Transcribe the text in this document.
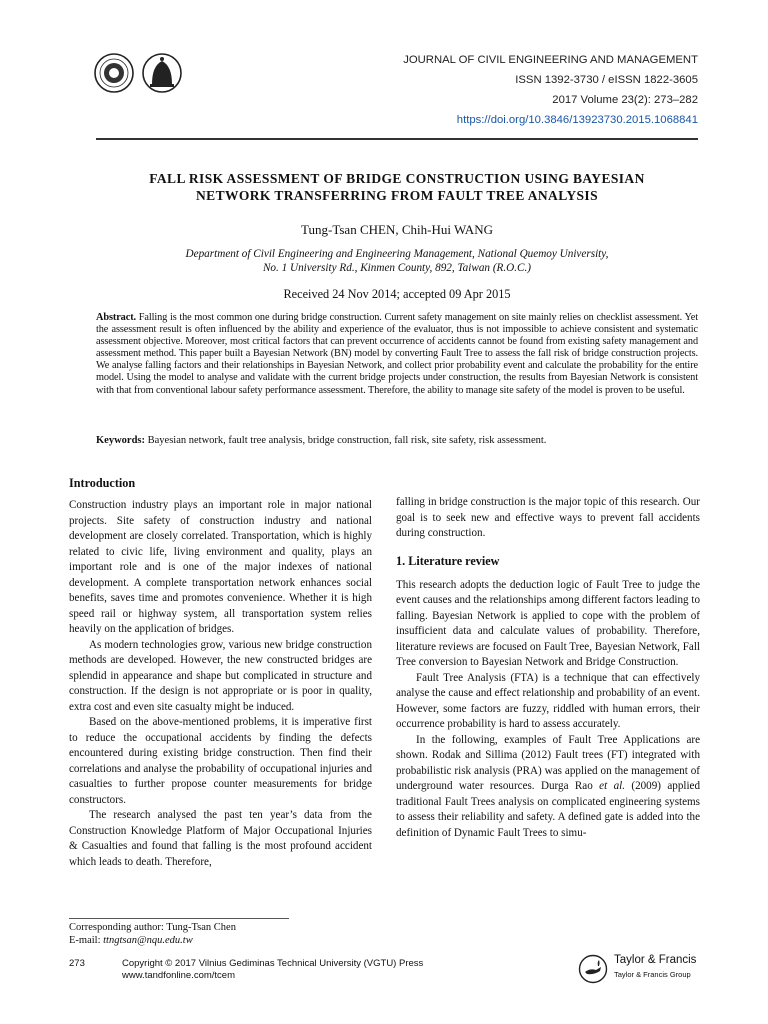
JOURNAL OF CIVIL ENGINEERING AND MANAGEMENT
ISSN 1392-3730 / eISSN 1822-3605
2017 Volume 23(2): 273–282
https://doi.org/10.3846/13923730.2015.1068841
FALL RISK ASSESSMENT OF BRIDGE CONSTRUCTION USING BAYESIAN
NETWORK TRANSFERRING FROM FAULT TREE ANALYSIS
Tung-Tsan CHEN, Chih-Hui WANG
Department of Civil Engineering and Engineering Management, National Quemoy University,
No. 1 University Rd., Kinmen County, 892, Taiwan (R.O.C.)
Received 24 Nov 2014; accepted 09 Apr 2015
Abstract. Falling is the most common one during bridge construction. Current safety management on site mainly relies on checklist assessment. Yet the assessment result is often influenced by the ability and experience of the evaluator, thus is not impossible to achieve consistent and systematic assessment objective. Moreover, most critical factors that can prevent occurrence of accidents cannot be found from existing safety management and assessment method. This paper built a Bayesian Network (BN) model by converting Fault Tree to assess the fall risk of bridge construction projects. We analyse falling factors and their relationships in Bayesian Network, and collect prior probability event and calculate the probability for the entire model. Using the model to analyse and validate with the current bridge projects under construction, the results from Bayesian Network is consistent with that from conventional labour safety performance assessment. Therefore, the ability to manage site safety of the model is proven to be useful.
Keywords: Bayesian network, fault tree analysis, bridge construction, fall risk, site safety, risk assessment.
Introduction

Construction industry plays an important role in major national projects. Site safety of construction industry and national development are closely correlated. Transportation, which is highly related to civic life, living environment and quality, plays an important role and is one of the major indexes of national development. A complete transportation network enhances social benefits, saves time and promotes convenience. Whether it is high speed rail or highway system, all transportation system relies heavily on the application of bridges.

As modern technologies grow, various new bridge construction methods are developed. However, the new constructed bridges are splendid in appearance and shape but complicated in structure and construction. If the design is not appropriate or is poor in quality, extra cost and even site casualty might be induced.

Based on the above-mentioned problems, it is imperative first to reduce the occupational accidents by finding the defects encountered during existing bridge construction. Then find their correlations and analyse the probability of occupational injuries and casualties to further propose counter measurements for bridge constructors.

The research analysed the past ten year’s data from the Construction Knowledge Platform of Major Occupational Injuries & Casualties and found that falling is the most profound accident which leads to death. Therefore,

falling in bridge construction is the major topic of this research. Our goal is to seek new and effective ways to prevent fall accidents during construction.

1. Literature review

This research adopts the deduction logic of Fault Tree to judge the event causes and the relationships among different factors leading to falling. Bayesian Network is applied to cope with the problem of insufficient data and calculate values of probability. Therefore, literature reviews are focused on Fault Tree, Bayesian Network, Fall Tree conversion to Bayesian Network and Bridge Construction.

Fault Tree Analysis (FTA) is a technique that can effectively analyse the cause and effect relationship and probability of an event. However, some factors are fuzzy, riddled with human errors, their occurrence probability is hard to assess accurately.

In the following, examples of Fault Tree Applications are shown. Rodak and Sillima (2012) Fault trees (FT) integrated with probabilistic risk analysis (PRA) was applied on the management of underground water resources. Durga Rao et al. (2009) applied traditional Fault Trees analysis on complicated engineering systems to assess their reliability and safety. A defined gate is added into the definition of Dynamic Fault Trees to simu-

Corresponding author: Tung-Tsan Chen
E-mail: ttngtsan@nqu.edu.tw
273	Copyright © 2017 Vilnius Gediminas Technical University (VGTU) Press
www.tandfonline.com/tcem
Taylor & Francis
Taylor & Francis Group
